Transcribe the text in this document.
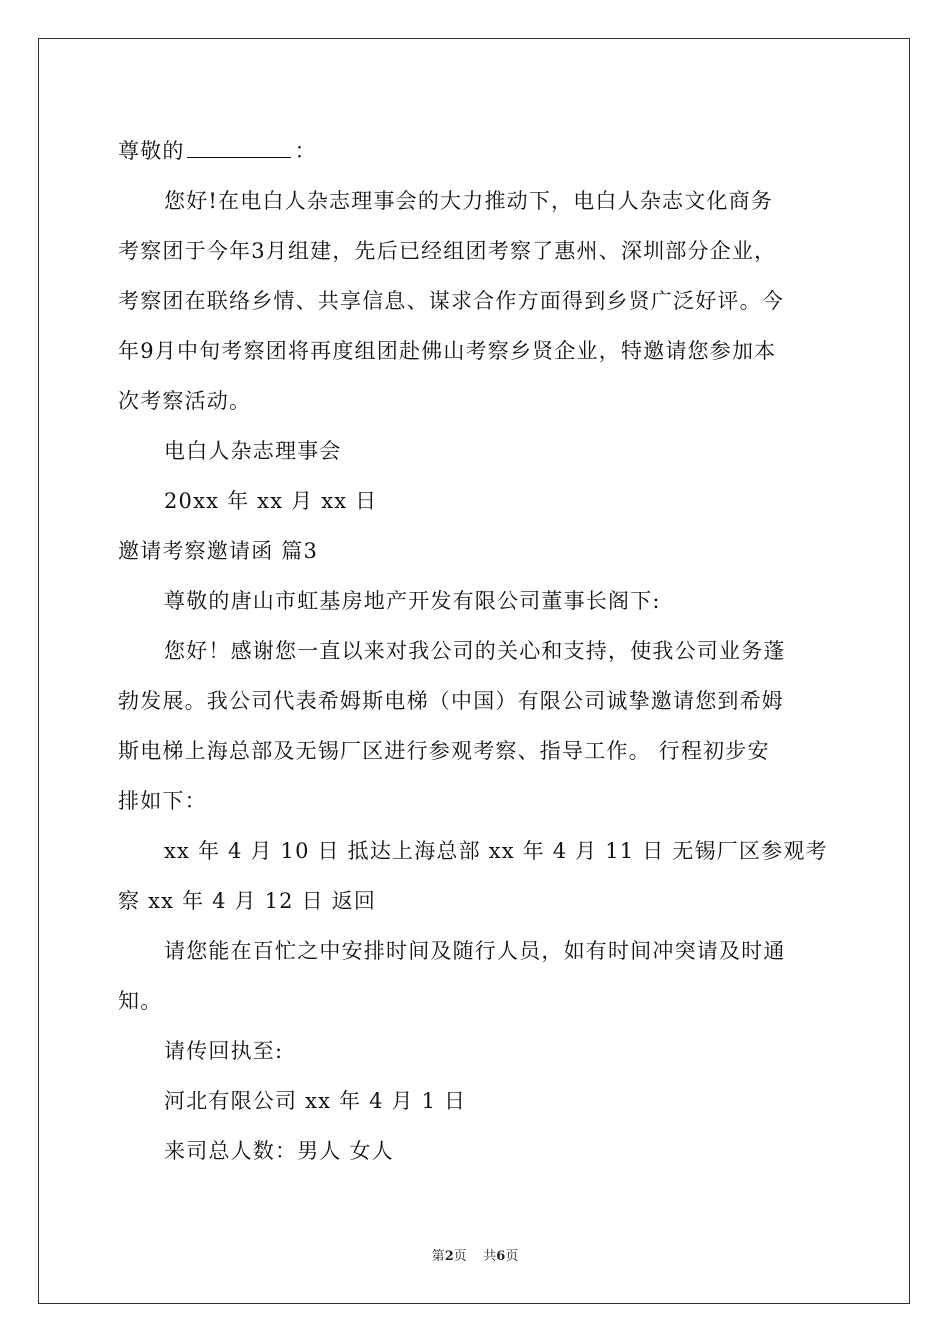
尊敬的	：
您好!在电白人杂志理事会的大力推动下，电白人杂志文化商务
考察团于今年3月组建，先后已经组团考察了惠州、深圳部分企业，
考察团在联络乡情、共享信息、谋求合作方面得到乡贤广泛好评。今
年9月中旬考察团将再度组团赴佛山考察乡贤企业，特邀请您参加本
次考察活动。
电白人杂志理事会
20xx 年 xx 月 xx 日
邀请考察邀请函 篇3
尊敬的唐山市虹基房地产开发有限公司董事长阁下:
您好！感谢您一直以来对我公司的关心和支持，使我公司业务蓬
勃发展。我公司代表希姆斯电梯（中国）有限公司诚挚邀请您到希姆
斯电梯上海总部及无锡厂区进行参观考察、指导工作。 行程初步安
排如下：
xx 年 4 月 10 日 抵达上海总部 xx 年 4 月 11 日 无锡厂区参观考
察 xx 年 4 月 12 日 返回
请您能在百忙之中安排时间及随行人员，如有时间冲突请及时通
知。
请传回执至:
河北有限公司 xx 年 4 月 1 日
来司总人数：男人 女人
第2页    共6页
